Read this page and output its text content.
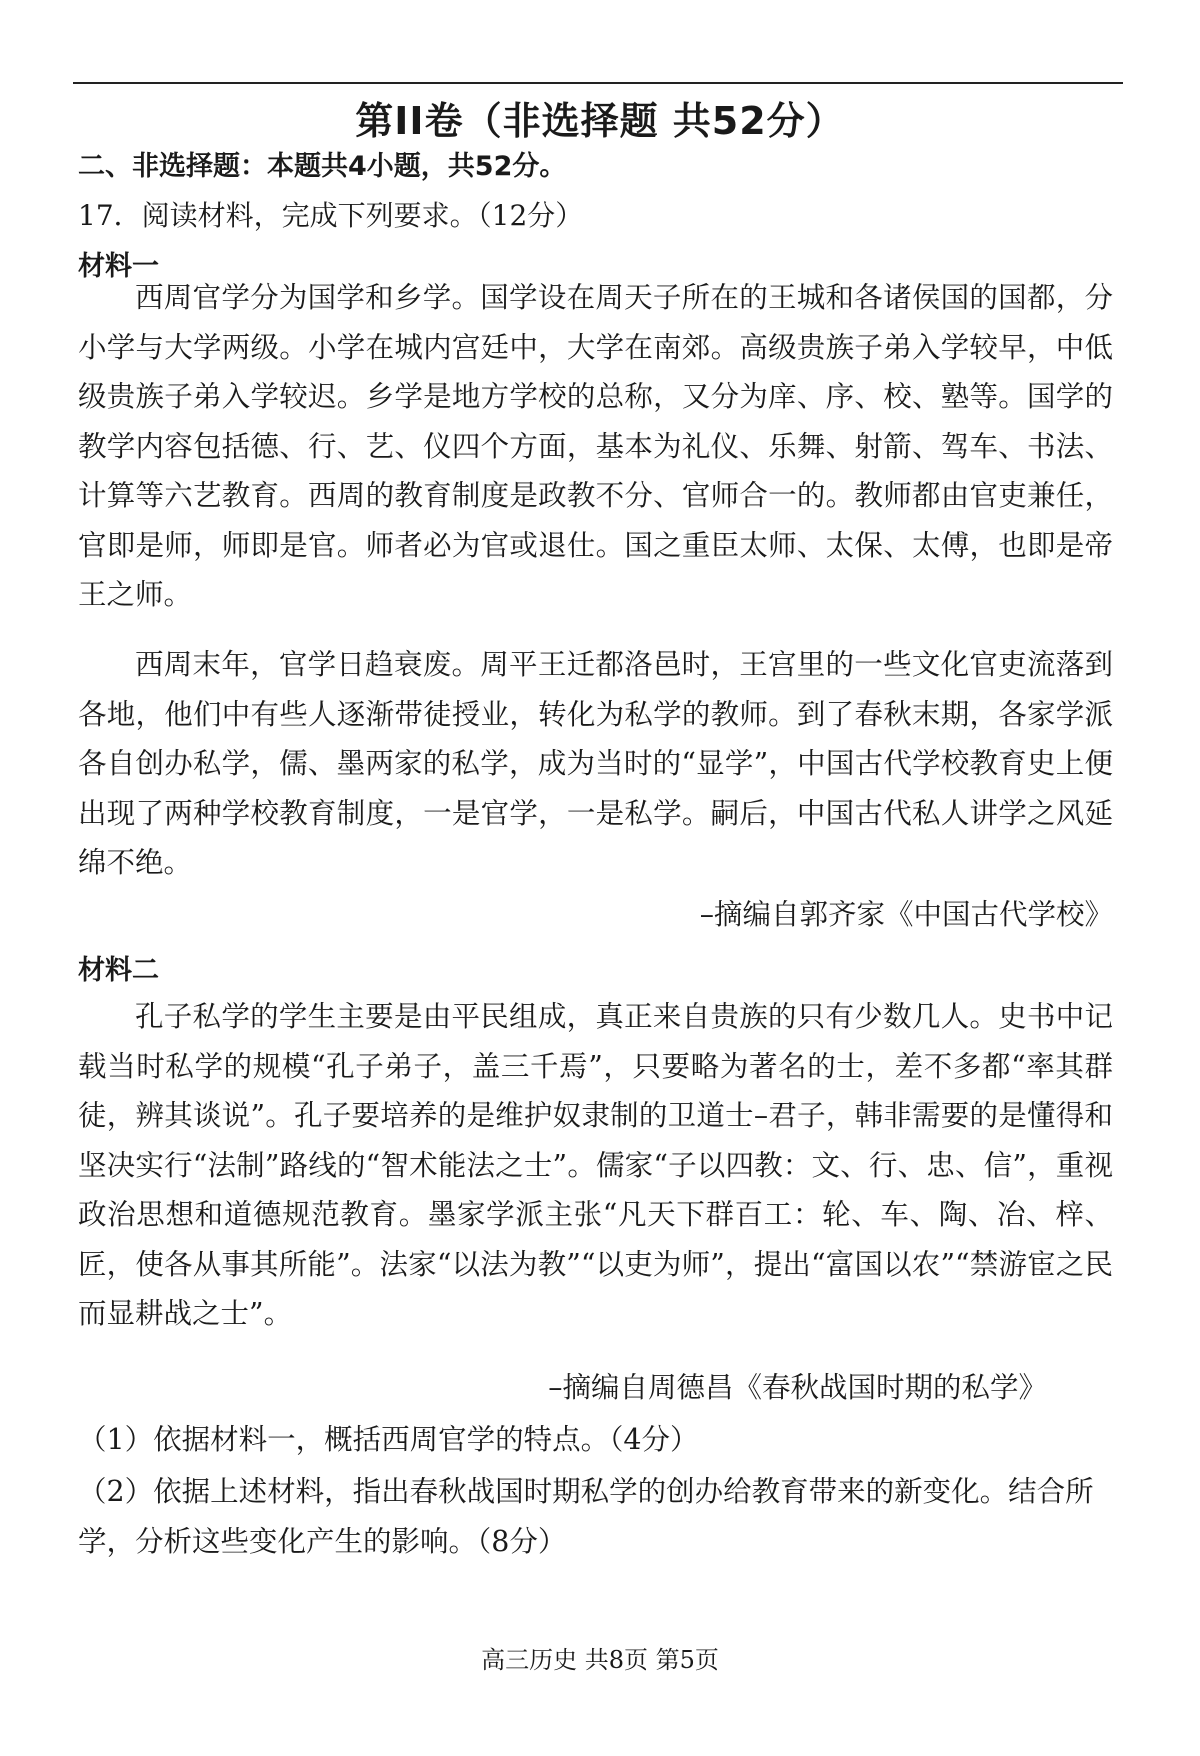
第II卷（非选择题 共52分）
二、非选择题：本题共4小题，共52分。
17．阅读材料，完成下列要求。（12分）
材料一

西周官学分为国学和乡学。国学设在周天子所在的王城和各诸侯国的国都，分小学与大学两级。小学在城内宫廷中，大学在南郊。高级贵族子弟入学较早，中低级贵族子弟入学较迟。乡学是地方学校的总称，又分为庠、序、校、塾等。国学的教学内容包括德、行、艺、仪四个方面，基本为礼仪、乐舞、射箭、驾车、书法、计算等六艺教育。西周的教育制度是政教不分、官师合一的。教师都由官吏兼任，官即是师，师即是官。师者必为官或退仕。国之重臣太师、太保、太傅，也即是帝王之师。

西周末年，官学日趋衰废。周平王迁都洛邑时，王宫里的一些文化官吏流落到各地，他们中有些人逐渐带徒授业，转化为私学的教师。到了春秋末期，各家学派各自创办私学，儒、墨两家的私学，成为当时的“显学”，中国古代学校教育史上便出现了两种学校教育制度，一是官学，一是私学。嗣后，中国古代私人讲学之风延绵不绝。

–摘编自郭齐家《中国古代学校》
材料二

孔子私学的学生主要是由平民组成，真正来自贵族的只有少数几人。史书中记载当时私学的规模“孔子弟子，盖三千焉”，只要略为著名的士，差不多都“率其群徒，辨其谈说”。孔子要培养的是维护奴隶制的卫道士–君子，韩非需要的是懂得和坚决实行“法制”路线的“智术能法之士”。儒家“子以四教：文、行、忠、信”，重视政治思想和道德规范教育。墨家学派主张“凡天下群百工：轮、车、陶、冶、梓、匠，使各从事其所能”。法家“以法为教”“以吏为师”，提出“富国以农”“禁游宦之民而显耕战之士”。

–摘编自周德昌《春秋战国时期的私学》

（1）依据材料一，概括西周官学的特点。（4分）

（2）依据上述材料，指出春秋战国时期私学的创办给教育带来的新变化。结合所学，分析这些变化产生的影响。（8分）

高三历史 共8页 第5页
